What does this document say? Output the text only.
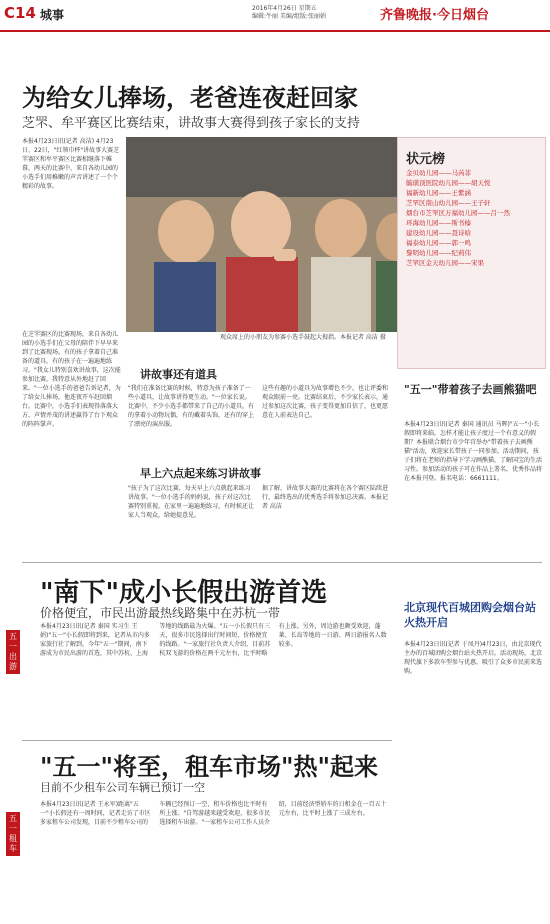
C14 城事	2016年4月26日 星期五
编辑:牛丽 美编/组版:张丽娟	齐鲁晚报·今日烟台
为给女儿捧场，老爸连夜赶回家
芝罘、牟平赛区比赛结束，讲故事大赛得到孩子家长的支持
本报4月23日讯(记者 高洁) 4月23日、22日，"红领巾杯"讲故事大赛芝罘赛区和牟平赛区比赛相继落下帷幕，两天的比赛中，来自各幼儿园的小选手们用稚嫩的声音讲述了一个个精彩的故事。
在芝罘赛区的比赛现场，来自各幼儿园的小选手们在父母的陪伴下早早来到了比赛现场。有的孩子拿着自己准备的道具，有的孩子在一遍遍地练习。"我女儿特别喜欢讲故事，这次能参加比赛，我特意从外地赶了回来。"一位小选手的爸爸告诉记者，为了给女儿捧场，他连夜开车赶回烟台。比赛中，小选手们表现得落落大方，声情并茂的讲述赢得了台下观众的阵阵掌声。
观众席上的小朋友为参赛小选手鼓起大拇指。本报记者 高洁 摄
讲故事还有道具
"我们在准备比赛的时候，特意为孩子准备了一些小道具，让故事讲得更生动。"一位家长说。比赛中，不少小选手都带来了自己的小道具，有的拿着小动物玩偶，有的戴着头饰，还有的穿上了漂亮的演出服。
这些有趣的小道具为故事增色不少，也让评委和观众眼前一亮。比赛结束后，不少家长表示，通过参加这次比赛，孩子变得更加自信了，也更愿意在人前表达自己。
早上六点起来练习讲故事
"孩子为了这次比赛，每天早上六点就起来练习讲故事。"一位小选手的妈妈说，孩子对这次比赛特别重视，在家里一遍遍地练习，有时候还让家人当观众，给她提意见。
据了解，讲故事大赛的比赛将在各个赛区陆续进行，最终选出的优秀选手将参加总决赛。本报记者 高洁
状元榜
金贝幼儿园——马芮菲
毓璜顶医院幼儿园——胡天悦
福新幼儿园——王紫涵
芝罘区南山幼儿园——王子轩
烟台市芝罘区万福幼儿园——吕一然
环海幼儿园——斯书榛
建设幼儿园——聂诗晗
福泰幼儿园——郭一鸣
黎明幼儿园——纪莉伟
芝罘区金天幼儿园——宋果
"五一"带着孩子去画熊猫吧
本报4月23日讯(记者 秦国 通讯员 马晖)"五一"小长假即将来临，怎样才能让孩子度过一个有意义的假期？本报联合烟台市少年宫举办"带着孩子去画熊猫"活动，欢迎家长带孩子一同参加。活动期间，孩子们将在老师的指导下学习画熊猫，了解国宝的生活习性。参加活动的孩子可在作品上署名，优秀作品将在本报刊登。报名电话：6661111。
五一出游
"南下"成小长假出游首选
价格便宜，市民出游最热线路集中在苏杭一带
本报4月23日讯(记者 秦国 实习生 王娟)"五一"小长假即将到来，记者从市内多家旅行社了解到，今年"五一"期间，南下游成为市民出游的首选，其中苏杭、上海等地的线路最为火爆。"五一小长假只有三天，很多市民选择出行时间短、价格便宜的线路。"一家旅行社负责人介绍，目前苏杭双飞游的价格在两千元左右，比平时略有上涨。另外，周边游也颇受欢迎，蓬莱、长岛等地的一日游、两日游报名人数较多。
北京现代百城团购会烟台站火热开启
本报4月23日讯(记者 于凤丹)4月23日，由北京现代主办的百城团购会烟台站火热开启。活动现场，北京现代旗下多款车型参与优惠，吸引了众多市民前来选购。
五一租车
"五一"将至，租车市场"热"起来
目前不少租车公司车辆已预订一空
本报4月23日讯(记者 王永军)距离"五一"小长假还有一周时间，记者走访了市区多家租车公司发现，目前不少租车公司的车辆已经预订一空，租车价格也比平时有所上涨。"自驾游越来越受欢迎，很多市民选择租车出游。"一家租车公司工作人员介绍，目前经济型轿车的日租金在一百五十元左右，比平时上涨了三成左右。
